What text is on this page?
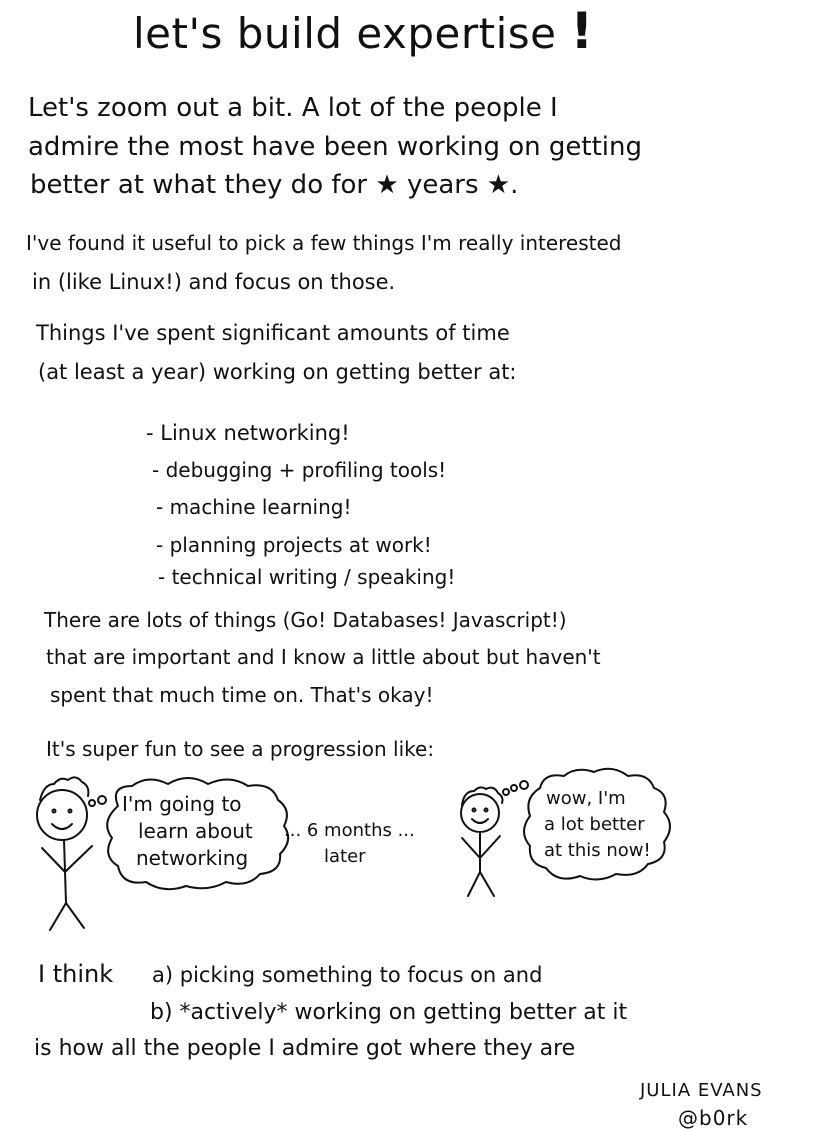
let's build expertise !
Let's zoom out a bit. A lot of the people I
admire the most have been working on getting
better at what they do for ★ years ★.
I've found it useful to pick a few things I'm really interested
in (like Linux!) and focus on those.
Things I've spent significant amounts of time
(at least a year) working on getting better at:
- Linux networking!
- debugging + profiling tools!
- machine learning!
- planning projects at work!
- technical writing / speaking!
There are lots of things (Go! Databases! Javascript!)
that are important and I know a little about but haven't
spent that much time on. That's okay!
It's super fun to see a progression like:
I'm going to
learn about
networking
... 6 months ...
later
wow, I'm
a lot better
at this now!
I think a) picking something to focus on and
b) *actively* working on getting better at it
is how all the people I admire got where they are
JULIA EVANS
@b0rk
